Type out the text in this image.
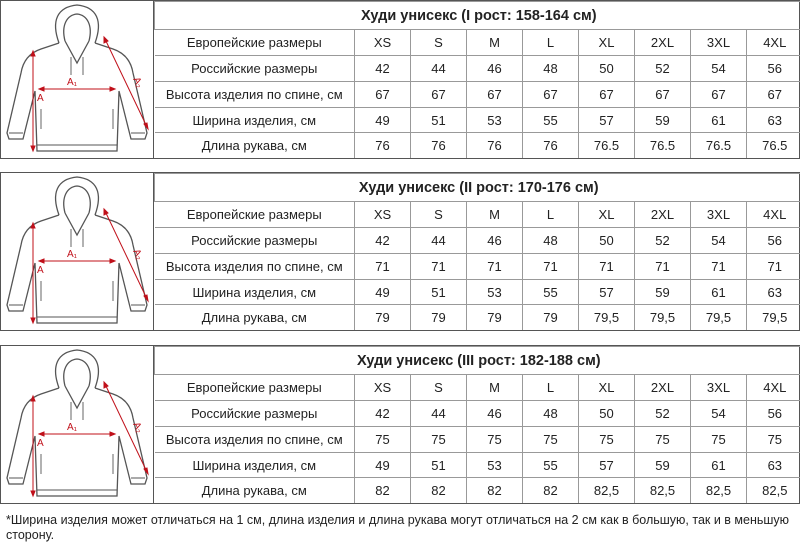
A
A₁	A₂
Худи унисекс (I рост: 158-164 см)								
Европейские размеры	XS	S	M	L	XL	2XL	3XL	4XL
Российские размеры	42	44	46	48	50	52	54	56
Высота изделия по спине, см	67	67	67	67	67	67	67	67
Ширина изделия, см	49	51	53	55	57	59	61	63
Длина рукава, см	76	76	76	76	76.5	76.5	76.5	76.5
A
A₁	A₂
Худи унисекс (II рост: 170-176 см)								
Европейские размеры	XS	S	M	L	XL	2XL	3XL	4XL
Российские размеры	42	44	46	48	50	52	54	56
Высота изделия по спине, см	71	71	71	71	71	71	71	71
Ширина изделия, см	49	51	53	55	57	59	61	63
Длина рукава, см	79	79	79	79	79,5	79,5	79,5	79,5
A
A₁	A₂
Худи унисекс (III рост: 182-188 см)								
Европейские размеры	XS	S	M	L	XL	2XL	3XL	4XL
Российские размеры	42	44	46	48	50	52	54	56
Высота изделия по спине, см	75	75	75	75	75	75	75	75
Ширина изделия, см	49	51	53	55	57	59	61	63
Длина рукава, см	82	82	82	82	82,5	82,5	82,5	82,5
*Ширина изделия может отличаться на 1 см, длина изделия и длина рукава могут отличаться на 2 см как в большую, так и в меньшую сторону.
